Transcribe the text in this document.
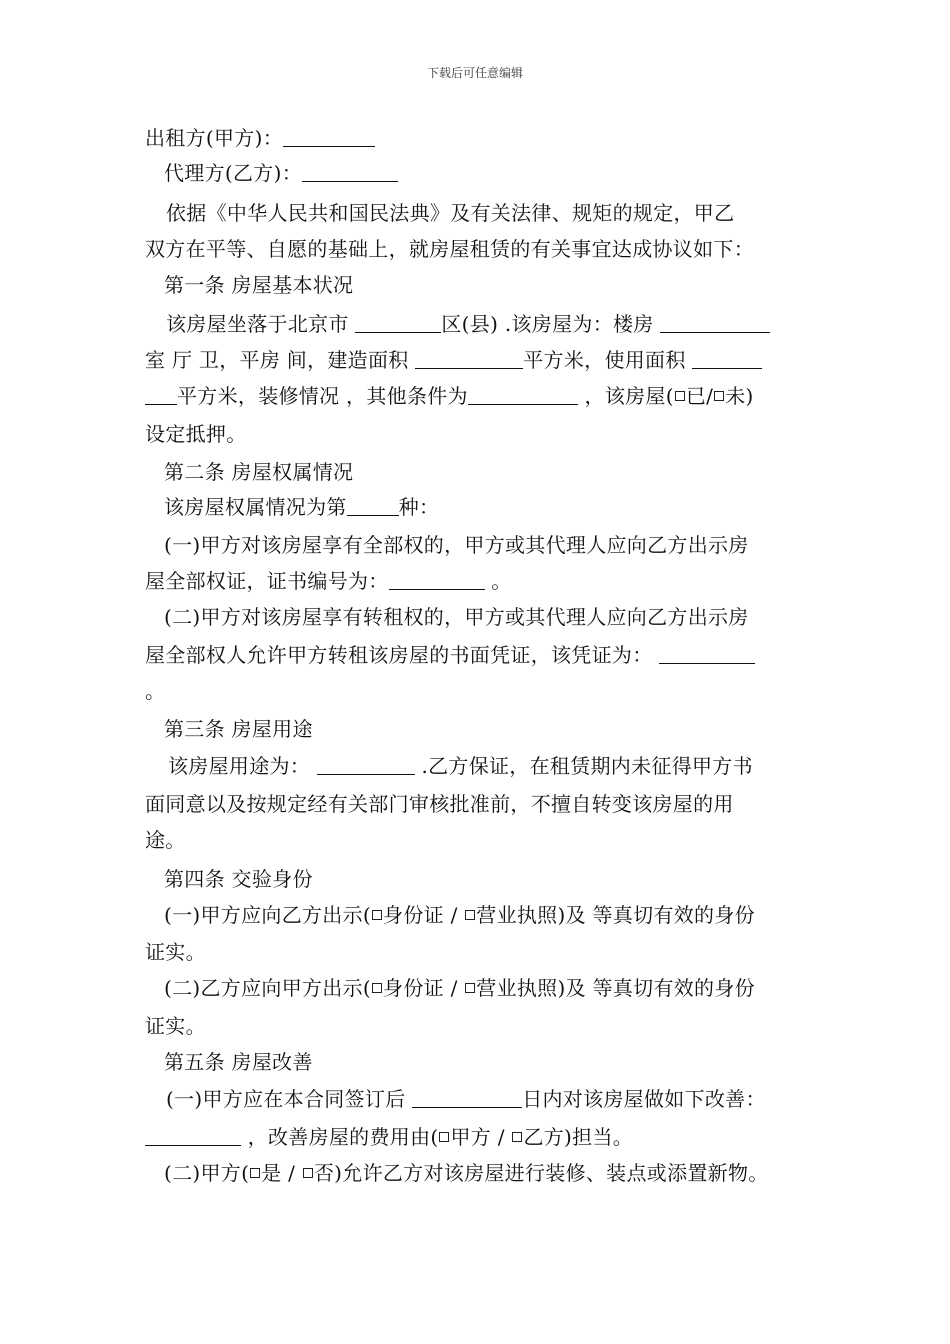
下载后可任意编辑
出租方(甲方)：
代理方(乙方)：
依据《中华人民共和国民法典》及有关法律、规矩的规定，甲乙
双方在平等、自愿的基础上，就房屋租赁的有关事宜达成协议如下：
第一条 房屋基本状况
该房屋坐落于北京市	区(县) .该房屋为：楼房
室 厅 卫，平房 间，建造面积	平方米，使用面积
平方米，装修情况 ，其他条件为	，该房屋( 已/ 未)
设定抵押。
第二条 房屋权属情况
该房屋权属情况为第	种：
(一)甲方对该房屋享有全部权的，甲方或其代理人应向乙方出示房
屋全部权证，证书编号为：	。
(二)甲方对该房屋享有转租权的，甲方或其代理人应向乙方出示房
屋全部权人允许甲方转租该房屋的书面凭证，该凭证为：
。
第三条 房屋用途
该房屋用途为：	.乙方保证，在租赁期内未征得甲方书
面同意以及按规定经有关部门审核批准前，不擅自转变该房屋的用
途。
第四条 交验身份
(一)甲方应向乙方出示( 身份证 / 营业执照)及 等真切有效的身份
证实。
(二)乙方应向甲方出示( 身份证 / 营业执照)及 等真切有效的身份
证实。
第五条 房屋改善
(一)甲方应在本合同签订后	日内对该房屋做如下改善：
，改善房屋的费用由( 甲方 / 乙方)担当。
(二)甲方( 是 / 否)允许乙方对该房屋进行装修、装点或添置新物。
